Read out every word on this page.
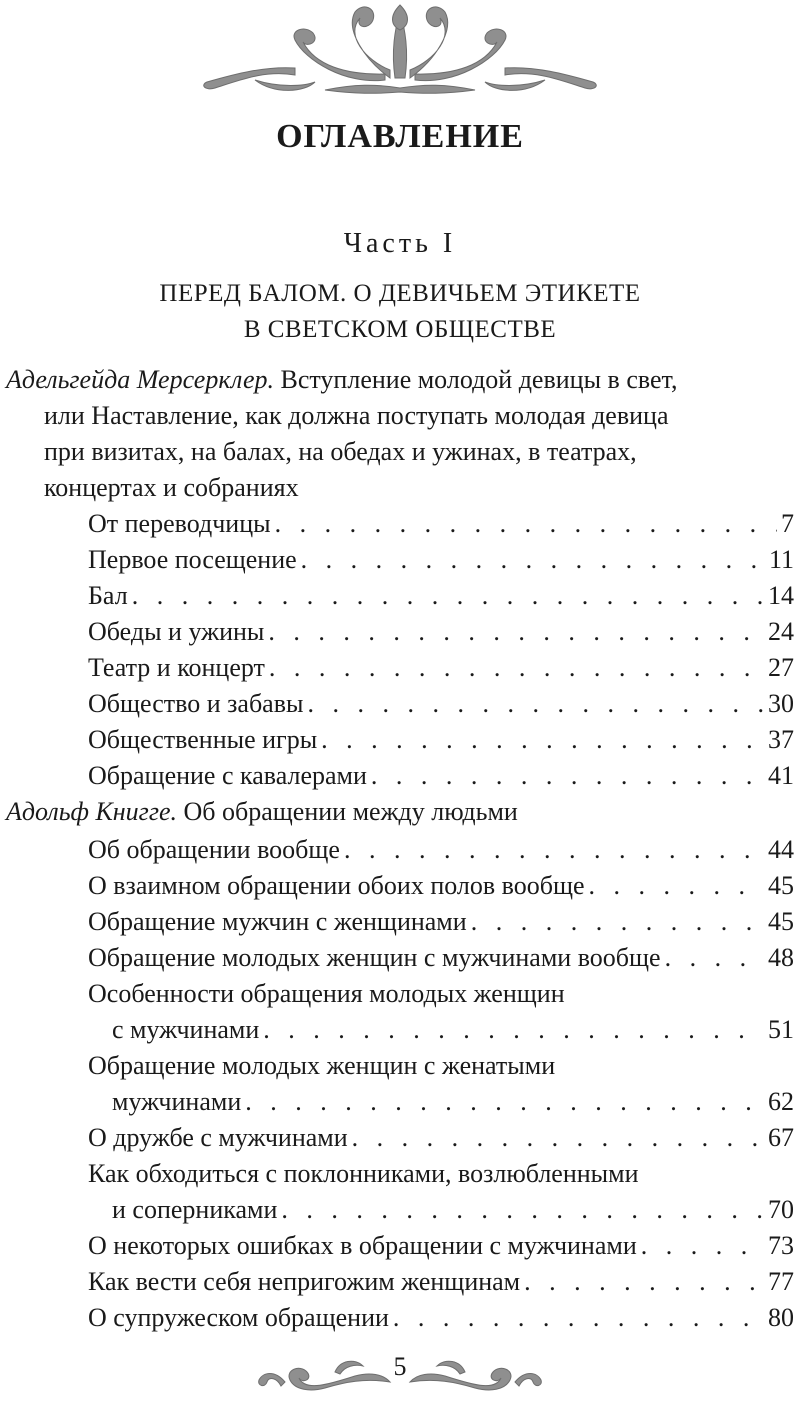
ОГЛАВЛЕНИЕ
Часть I
ПЕРЕД БАЛОМ. О ДЕВИЧЬЕМ ЭТИКЕТЕ
В СВЕТСКОМ ОБЩЕСТВЕ
Адельгейда Мерсерклер. Вступление молодой девицы в свет,
или Наставление, как должна поступать молодая девица
при визитах, на балах, на обедах и ужинах, в театрах,
концертах и собраниях
От переводчицы . . .	7
Первое посещение . . .	11
Бал . . .	14
Обеды и ужины . . .	24
Театр и концерт . . .	27
Общество и забавы . . .	30
Общественные игры . . .	37
Обращение с кавалерами . . .	41
Адольф Книгге. Об обращении между людьми
Об обращении вообще . . .	44
О взаимном обращении обоих полов вообще . . .	45
Обращение мужчин с женщинами . . .	45
Обращение молодых женщин с мужчинами вообще . . .	48
Особенности обращения молодых женщин
с мужчинами . . .	51
Обращение молодых женщин с женатыми
мужчинами . . .	62
О дружбе с мужчинами . . .	67
Как обходиться с поклонниками, возлюбленными
и соперниками . . .	70
О некоторых ошибках в обращении с мужчинами . . .	73
Как вести себя непригожим женщинам . . .	77
О супружеском обращении . . .	80
5
